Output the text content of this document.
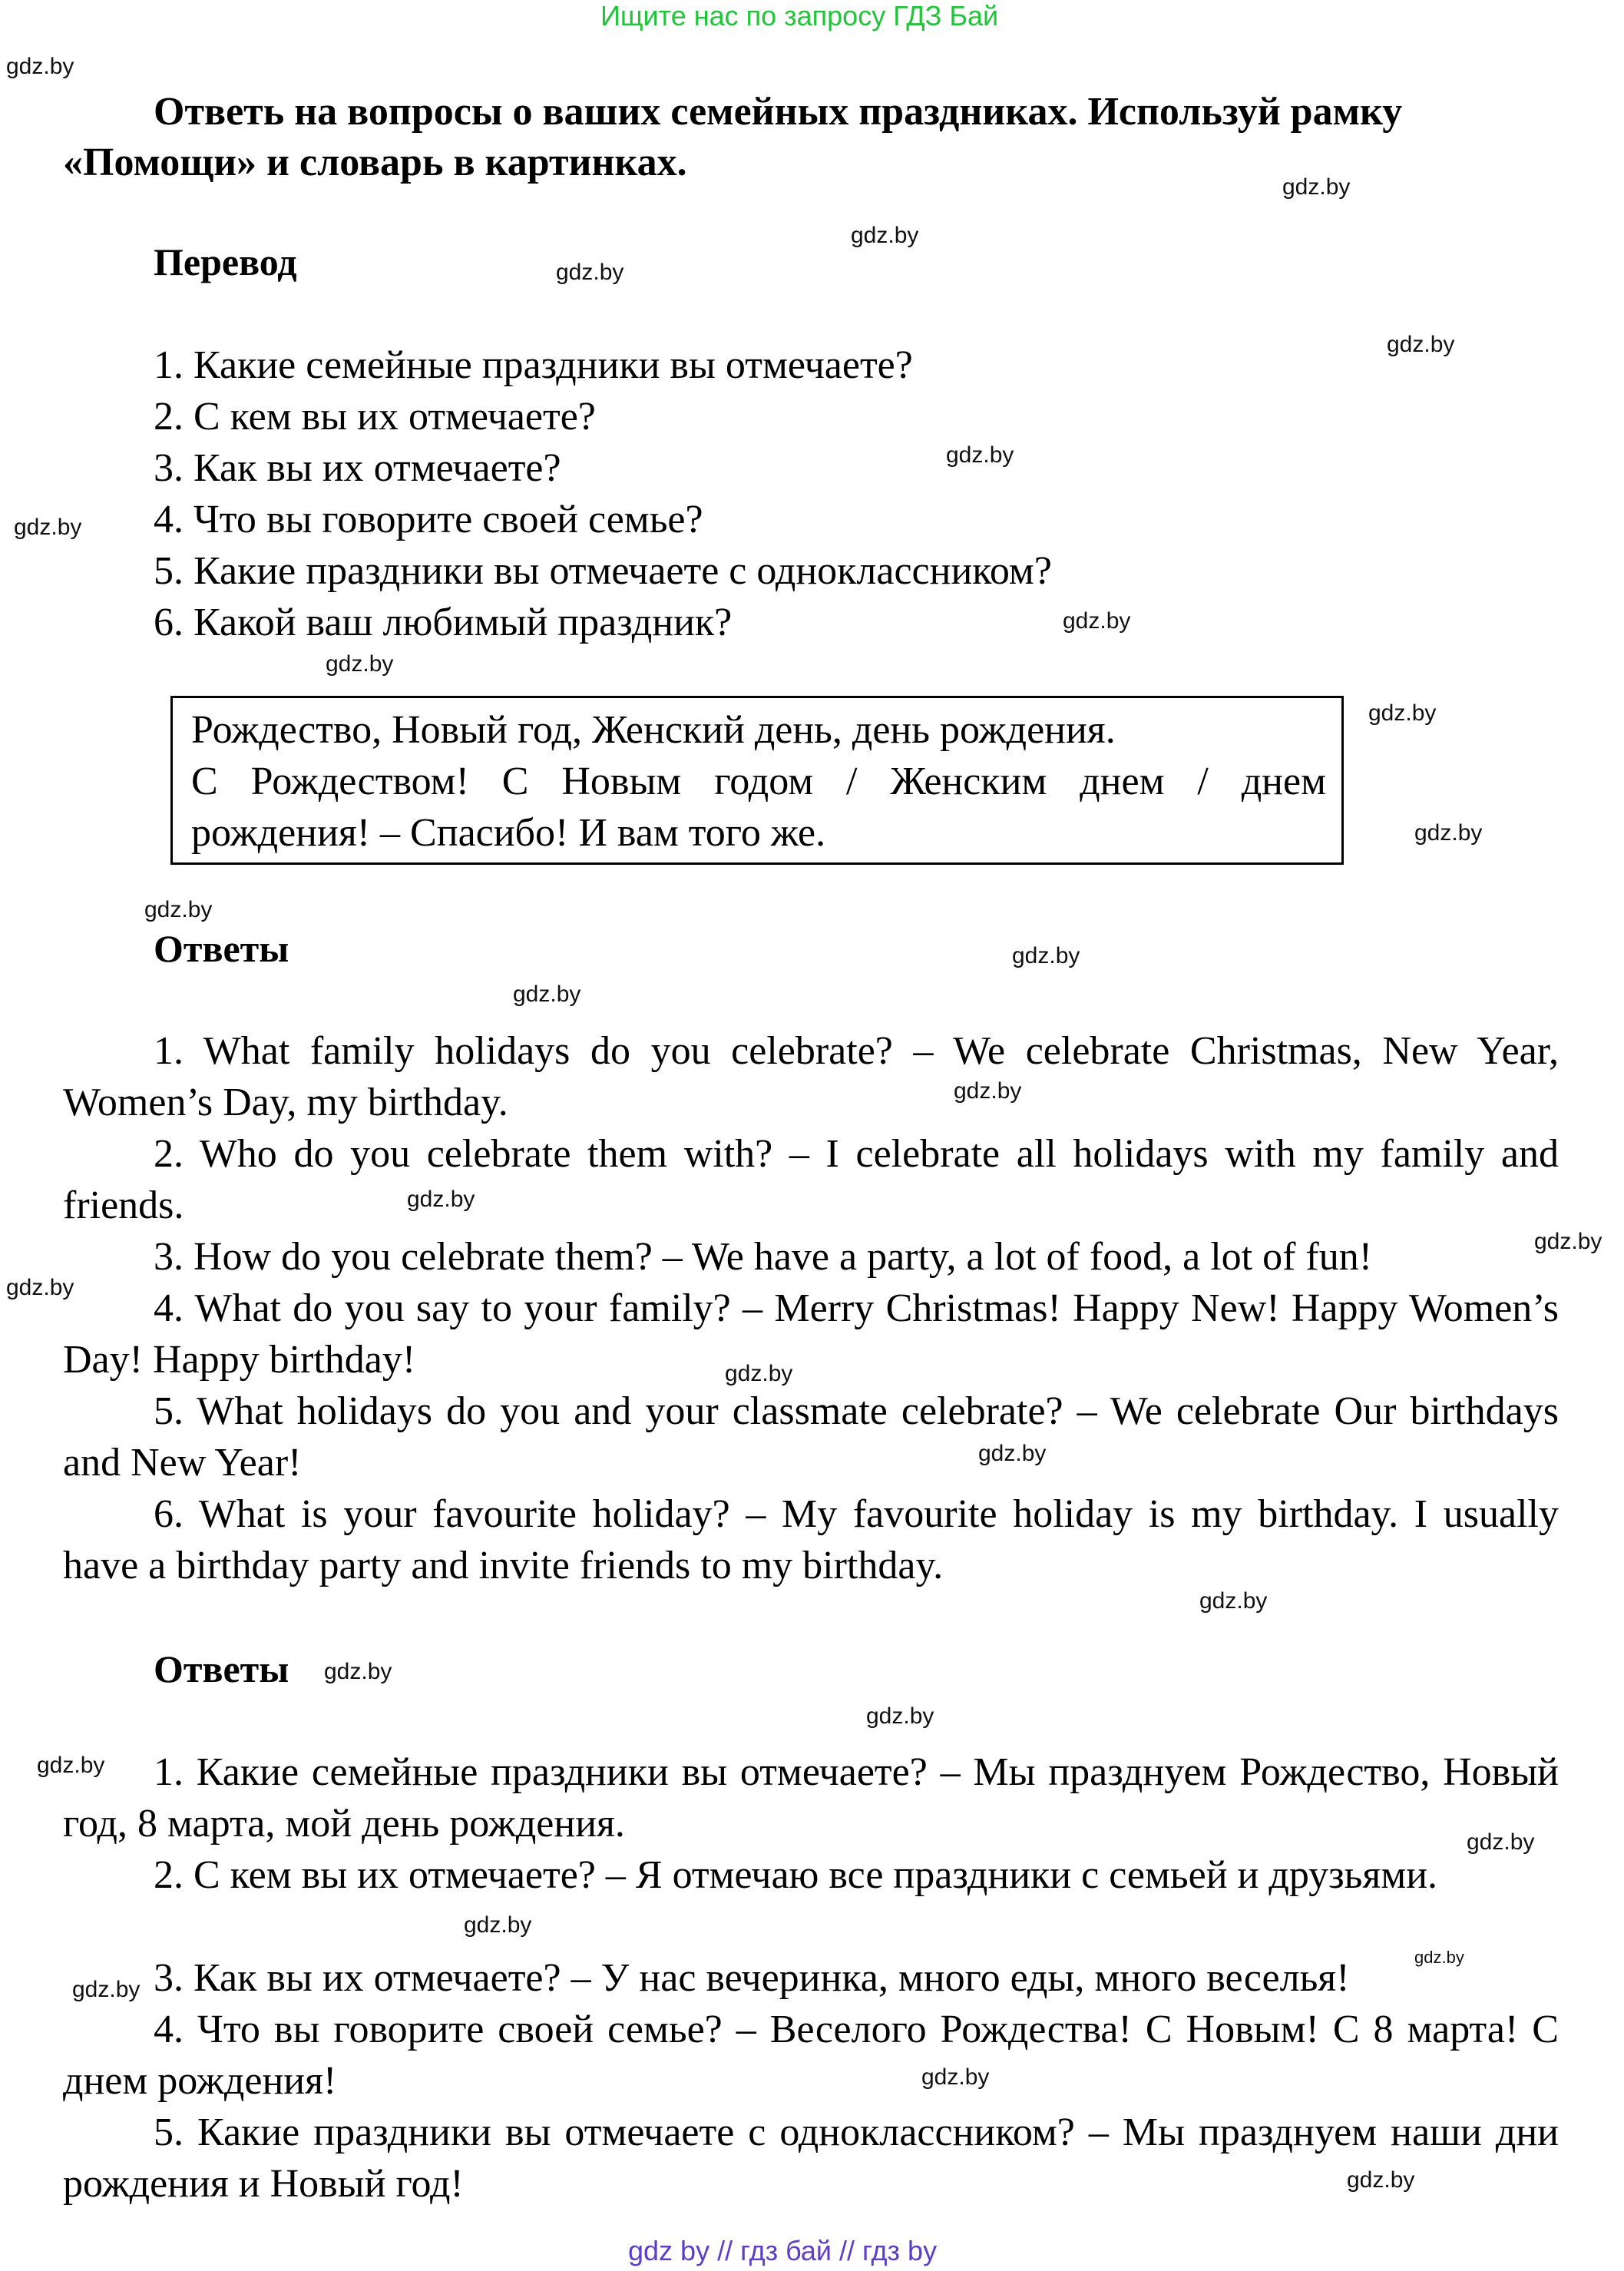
Ищите нас по запросу ГДЗ Бай
Ответь на вопросы о ваших семейных праздниках. Используй рамку
«Помощи» и словарь в картинках.
Перевод
1. Какие семейные праздники вы отмечаете?
2. С кем вы их отмечаете?
3. Как вы их отмечаете?
4. Что вы говорите своей семье?
5. Какие праздники вы отмечаете с одноклассником?
6. Какой ваш любимый праздник?
Рождество, Новый год, Женский день, день рождения.
С Рождеством! С Новым годом / Женским днем / днем
рождения! – Спасибо! И вам того же.
Ответы
1. What family holidays do you celebrate? – We celebrate Christmas, New Year, Women’s Day, my birthday.
2. Who do you celebrate them with? – I celebrate all holidays with my family and friends.
3. How do you celebrate them? – We have a party, a lot of food, a lot of fun!
4. What do you say to your family? – Merry Christmas! Happy New! Happy Women’s Day! Happy birthday!
5. What holidays do you and your classmate celebrate? – We celebrate Our birthdays and New Year!
6. What is your favourite holiday? – My favourite holiday is my birthday. I usually have a birthday party and invite friends to my birthday.
Ответы
1. Какие семейные праздники вы отмечаете? – Мы празднуем Рождество, Новый год, 8 марта, мой день рождения.
2. С кем вы их отмечаете? – Я отмечаю все праздники с семьей и друзьями.
3. Как вы их отмечаете? – У нас вечеринка, много еды, много веселья!
4. Что вы говорите своей семье? – Веселого Рождества! С Новым! С 8 марта! С днем рождения!
5. Какие праздники вы отмечаете с одноклассником? – Мы празднуем наши дни рождения и Новый год!
gdz.by
gdz.by
gdz.by
gdz.by
gdz.by
gdz.by
gdz.by
gdz.by
gdz.by
gdz.by
gdz.by
gdz.by
gdz.by
gdz.by
gdz.by
gdz.by
gdz.by
gdz.by
gdz.by
gdz.by
gdz.by
gdz.by
gdz.by
gdz.by
gdz.by
gdz.by
gdz.by
gdz.by
gdz.by
gdz.by
gdz by // гдз бай // гдз by
